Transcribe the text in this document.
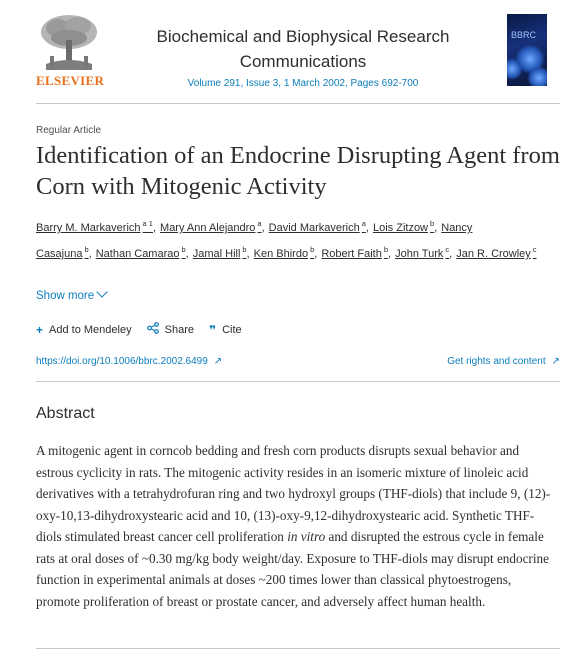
ELSEVIER
Biochemical and Biophysical Research
Communications
Volume 291, Issue 3, 1 March 2002, Pages 692-700
BBRC
Regular Article
Identification of an Endocrine Disrupting Agent from Corn with Mitogenic Activity
Barry M. Markaverich $^{a 1}$, Mary Ann Alejandro $^a$, David Markaverich $^a$, Lois Zitzow $^b$, Nancy Casajuna $^b$, Nathan Camarao $^b$, Jamal Hill $^b$, Ken Bhirdo $^b$, Robert Faith $^b$, John Turk $^c$, Jan R. Crowley $^c$
Show more
+ Add to Mendeley
	Share
❞ Cite
https://doi.org/10.1006/bbrc.2002.6499 ↗	Get rights and content ↗
Abstract

A mitogenic agent in corncob bedding and fresh corn products disrupts sexual behavior and estrous cyclicity in rats. The mitogenic activity resides in an isomeric mixture of linoleic acid derivatives with a tetrahydrofuran ring and two hydroxyl groups (THF-diols) that include 9, (12)-oxy-10,13-dihydroxystearic acid and 10, (13)-oxy-9,12-dihydroxystearic acid. Synthetic THF-diols stimulated breast cancer cell proliferation in vitro and disrupted the estrous cycle in female rats at oral doses of ~0.30 mg/kg body weight/day. Exposure to THF-diols may disrupt endocrine function in experimental animals at doses ~200 times lower than classical phytoestrogens, promote proliferation of breast or prostate cancer, and adversely affect human health.
